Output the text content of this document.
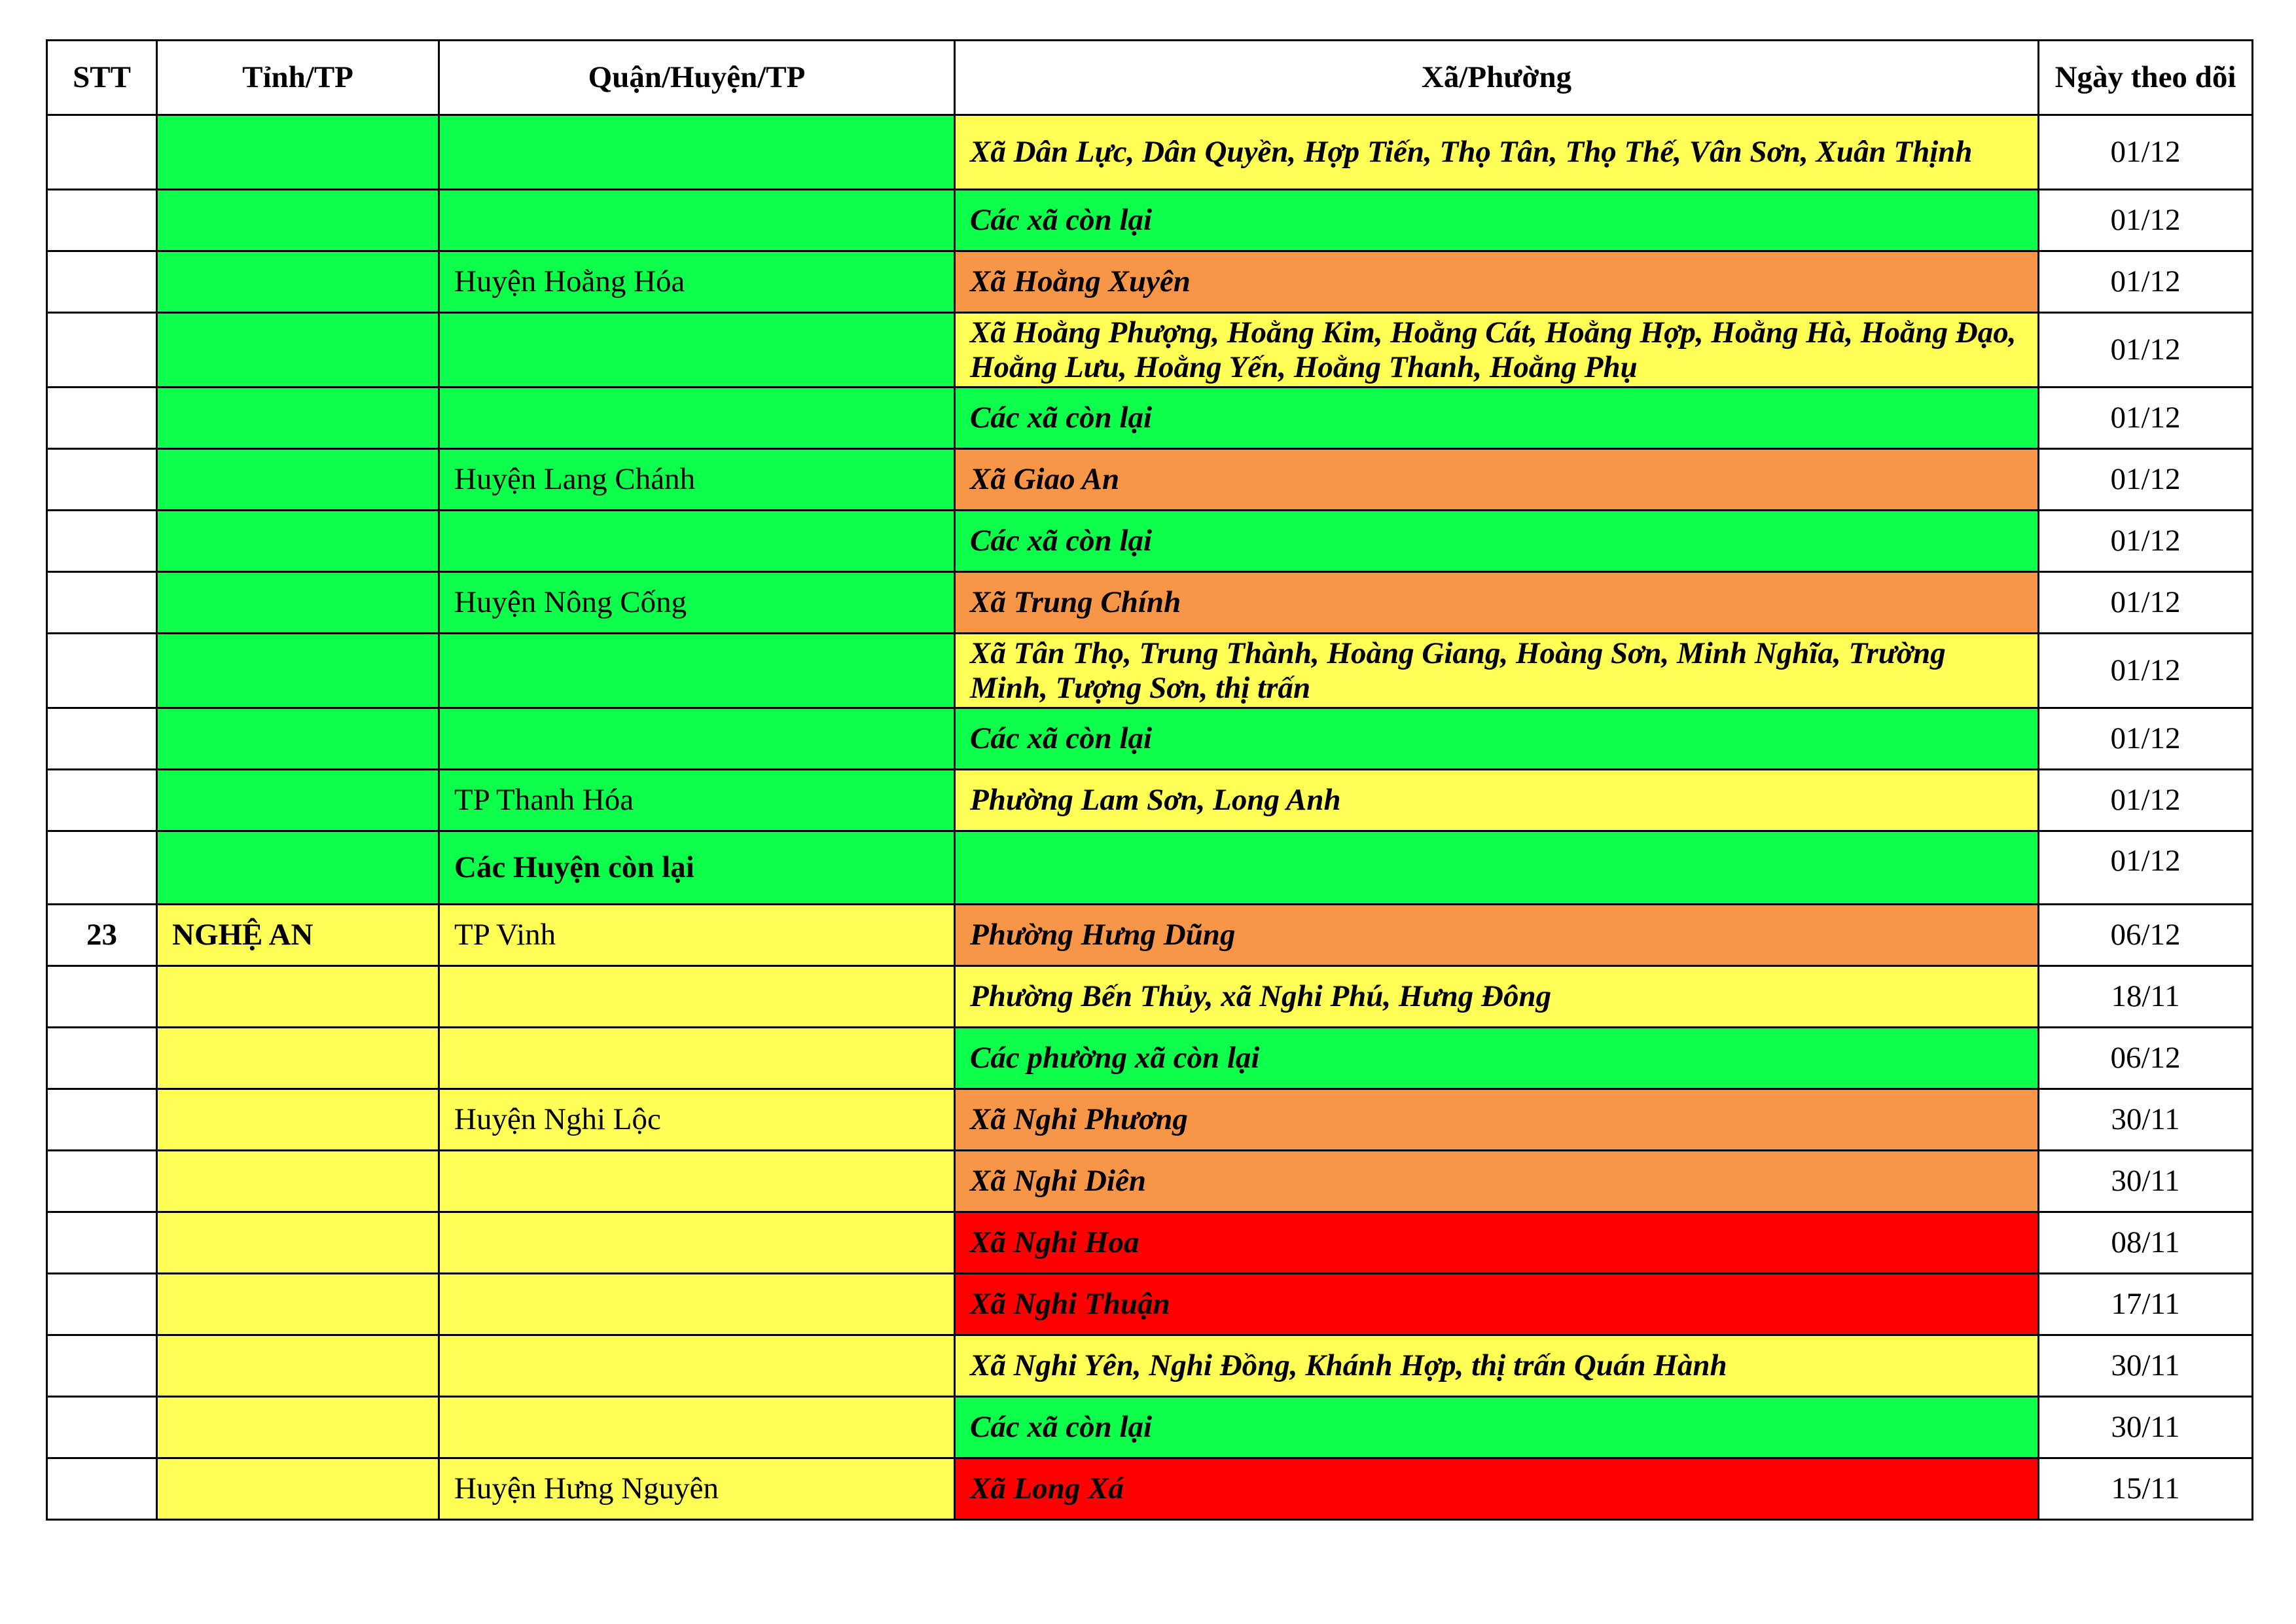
STT	Tỉnh/TP	Quận/Huyện/TP	Xã/Phường	Ngày theo dõi
			Xã Dân Lực, Dân Quyền, Hợp Tiến, Thọ Tân, Thọ Thế, Vân Sơn, Xuân Thịnh	01/12
			Các xã còn lại	01/12
		Huyện Hoằng Hóa	Xã Hoằng Xuyên	01/12
			Xã Hoằng Phượng, Hoằng Kim, Hoằng Cát, Hoằng Hợp, Hoằng Hà, Hoằng Đạo, Hoằng Lưu, Hoằng Yến, Hoằng Thanh, Hoằng Phụ	01/12
			Các xã còn lại	01/12
		Huyện Lang Chánh	Xã Giao An	01/12
			Các xã còn lại	01/12
		Huyện Nông Cống	Xã Trung Chính	01/12
			Xã Tân Thọ, Trung Thành, Hoàng Giang, Hoàng Sơn, Minh Nghĩa, Trường Minh, Tượng Sơn, thị trấn	01/12
			Các xã còn lại	01/12
		TP Thanh Hóa	Phường Lam Sơn, Long Anh	01/12
		Các Huyện còn lại		01/12
23	NGHỆ AN	TP Vinh	Phường Hưng Dũng	06/12
			Phường Bến Thủy, xã Nghi Phú, Hưng Đông	18/11
			Các phường xã còn lại	06/12
		Huyện Nghi Lộc	Xã Nghi Phương	30/11
			Xã Nghi Diên	30/11
			Xã Nghi Hoa	08/11
			Xã Nghi Thuận	17/11
			Xã Nghi Yên, Nghi Đồng, Khánh Hợp, thị trấn Quán Hành	30/11
			Các xã còn lại	30/11
		Huyện Hưng Nguyên	Xã Long Xá	15/11
